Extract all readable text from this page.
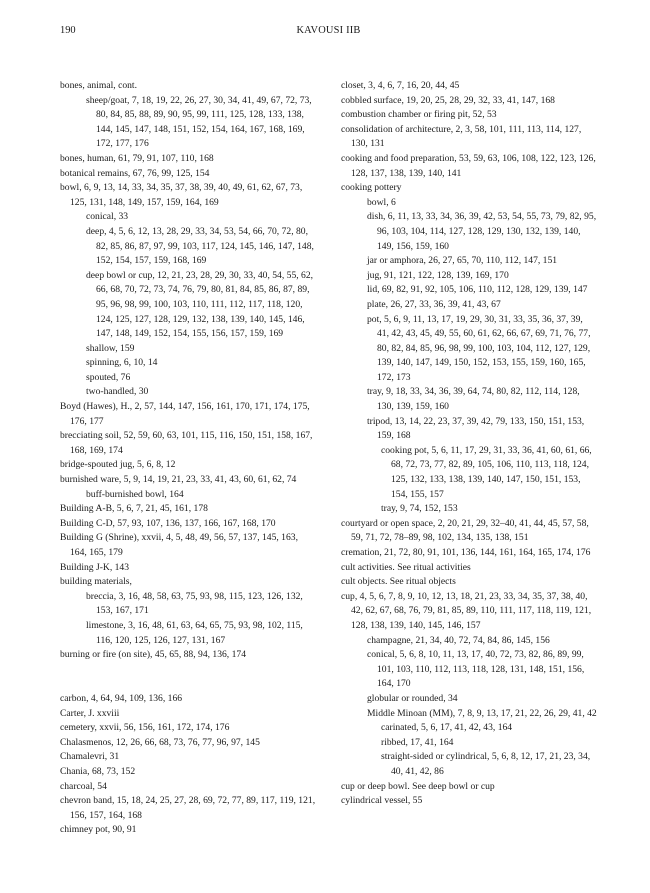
190	KAVOUSI IIB
bones, animal, cont.
sheep/goat, 7, 18, 19, 22, 26, 27, 30, 34, 41, 49, 67, 72, 73, 80, 84, 85, 88, 89, 90, 95, 99, 111, 125, 128, 133, 138, 144, 145, 147, 148, 151, 152, 154, 164, 167, 168, 169, 172, 177, 176
bones, human, 61, 79, 91, 107, 110, 168
botanical remains, 67, 76, 99, 125, 154
bowl, 6, 9, 13, 14, 33, 34, 35, 37, 38, 39, 40, 49, 61, 62, 67, 73, 125, 131, 148, 149, 157, 159, 164, 169
conical, 33
deep, 4, 5, 6, 12, 13, 28, 29, 33, 34, 53, 54, 66, 70, 72, 80, 82, 85, 86, 87, 97, 99, 103, 117, 124, 145, 146, 147, 148, 152, 154, 157, 159, 168, 169
deep bowl or cup, 12, 21, 23, 28, 29, 30, 33, 40, 54, 55, 62, 66, 68, 70, 72, 73, 74, 76, 79, 80, 81, 84, 85, 86, 87, 89, 95, 96, 98, 99, 100, 103, 110, 111, 112, 117, 118, 120, 124, 125, 127, 128, 129, 132, 138, 139, 140, 145, 146, 147, 148, 149, 152, 154, 155, 156, 157, 159, 169
shallow, 159
spinning, 6, 10, 14
spouted, 76
two-handled, 30
Boyd (Hawes), H., 2, 57, 144, 147, 156, 161, 170, 171, 174, 175, 176, 177
brecciating soil, 52, 59, 60, 63, 101, 115, 116, 150, 151, 158, 167, 168, 169, 174
bridge-spouted jug, 5, 6, 8, 12
burnished ware, 5, 9, 14, 19, 21, 23, 33, 41, 43, 60, 61, 62, 74
buff-burnished bowl, 164
Building A-B, 5, 6, 7, 21, 45, 161, 178
Building C-D, 57, 93, 107, 136, 137, 166, 167, 168, 170
Building G (Shrine), xxvii, 4, 5, 48, 49, 56, 57, 137, 145, 163, 164, 165, 179
Building J-K, 143
building materials,
breccia, 3, 16, 48, 58, 63, 75, 93, 98, 115, 123, 126, 132, 153, 167, 171
limestone, 3, 16, 48, 61, 63, 64, 65, 75, 93, 98, 102, 115, 116, 120, 125, 126, 127, 131, 167
burning or fire (on site), 45, 65, 88, 94, 136, 174
carbon, 4, 64, 94, 109, 136, 166
Carter, J. xxviii
cemetery, xxvii, 56, 156, 161, 172, 174, 176
Chalasmenos, 12, 26, 66, 68, 73, 76, 77, 96, 97, 145
Chamalevri, 31
Chania, 68, 73, 152
charcoal, 54
chevron band, 15, 18, 24, 25, 27, 28, 69, 72, 77, 89, 117, 119, 121, 156, 157, 164, 168
chimney pot, 90, 91
closet, 3, 4, 6, 7, 16, 20, 44, 45
cobbled surface, 19, 20, 25, 28, 29, 32, 33, 41, 147, 168
combustion chamber or firing pit, 52, 53
consolidation of architecture, 2, 3, 58, 101, 111, 113, 114, 127, 130, 131
cooking and food preparation, 53, 59, 63, 106, 108, 122, 123, 126, 128, 137, 138, 139, 140, 141
cooking pottery
bowl, 6
dish, 6, 11, 13, 33, 34, 36, 39, 42, 53, 54, 55, 73, 79, 82, 95, 96, 103, 104, 114, 127, 128, 129, 130, 132, 139, 140, 149, 156, 159, 160
jar or amphora, 26, 27, 65, 70, 110, 112, 147, 151
jug, 91, 121, 122, 128, 139, 169, 170
lid, 69, 82, 91, 92, 105, 106, 110, 112, 128, 129, 139, 147
plate, 26, 27, 33, 36, 39, 41, 43, 67
pot, 5, 6, 9, 11, 13, 17, 19, 29, 30, 31, 33, 35, 36, 37, 39, 41, 42, 43, 45, 49, 55, 60, 61, 62, 66, 67, 69, 71, 76, 77, 80, 82, 84, 85, 96, 98, 99, 100, 103, 104, 112, 127, 129, 139, 140, 147, 149, 150, 152, 153, 155, 159, 160, 165, 172, 173
tray, 9, 18, 33, 34, 36, 39, 64, 74, 80, 82, 112, 114, 128, 130, 139, 159, 160
tripod, 13, 14, 22, 23, 37, 39, 42, 79, 133, 150, 151, 153, 159, 168
cooking pot, 5, 6, 11, 17, 29, 31, 33, 36, 41, 60, 61, 66, 68, 72, 73, 77, 82, 89, 105, 106, 110, 113, 118, 124, 125, 132, 133, 138, 139, 140, 147, 150, 151, 153, 154, 155, 157
tray, 9, 74, 152, 153
courtyard or open space, 2, 20, 21, 29, 32–40, 41, 44, 45, 57, 58, 59, 71, 72, 78–89, 98, 102, 134, 135, 138, 151
cremation, 21, 72, 80, 91, 101, 136, 144, 161, 164, 165, 174, 176
cult activities. See ritual activities
cult objects. See ritual objects
cup, 4, 5, 6, 7, 8, 9, 10, 12, 13, 18, 21, 23, 33, 34, 35, 37, 38, 40, 42, 62, 67, 68, 76, 79, 81, 85, 89, 110, 111, 117, 118, 119, 121, 128, 138, 139, 140, 145, 146, 157
champagne, 21, 34, 40, 72, 74, 84, 86, 145, 156
conical, 5, 6, 8, 10, 11, 13, 17, 40, 72, 73, 82, 86, 89, 99, 101, 103, 110, 112, 113, 118, 128, 131, 148, 151, 156, 164, 170
globular or rounded, 34
Middle Minoan (MM), 7, 8, 9, 13, 17, 21, 22, 26, 29, 41, 42
carinated, 5, 6, 17, 41, 42, 43, 164
ribbed, 17, 41, 164
straight-sided or cylindrical, 5, 6, 8, 12, 17, 21, 23, 34, 40, 41, 42, 86
cup or deep bowl. See deep bowl or cup
cylindrical vessel, 55
